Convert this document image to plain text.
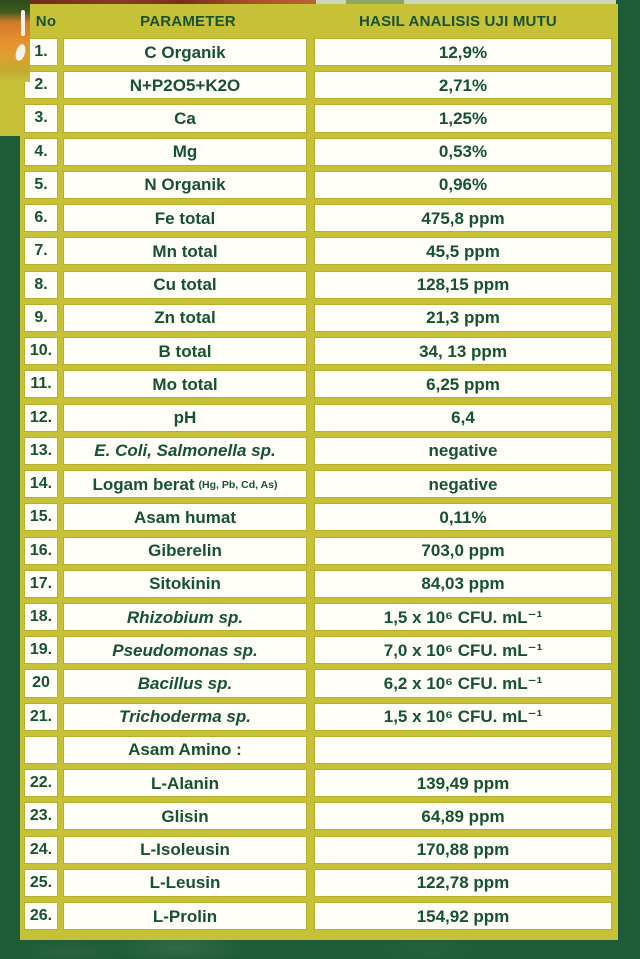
No	PARAMETER	HASIL ANALISIS UJI MUTU
1.	C Organik	12,9%
2.	N+P2O5+K2O	2,71%
3.	Ca	1,25%
4.	Mg	0,53%
5.	N Organik	0,96%
6.	Fe total	475,8 ppm
7.	Mn total	45,5 ppm
8.	Cu total	128,15 ppm
9.	Zn total	21,3 ppm
10.	B total	34, 13 ppm
11.	Mo total	6,25 ppm
12.	pH	6,4
13.	E. Coli, Salmonella sp.	negative
14.	Logam berat (Hg, Pb, Cd, As)	negative
15.	Asam humat	0,11%
16.	Giberelin	703,0 ppm
17.	Sitokinin	84,03 ppm
18.	Rhizobium sp.	1,5 x 10⁶ CFU. mL⁻¹
19.	Pseudomonas sp.	7,0 x 10⁶ CFU. mL⁻¹
20	Bacillus sp.	6,2 x 10⁶ CFU. mL⁻¹
21.	Trichoderma sp.	1,5 x 10⁶ CFU. mL⁻¹
Asam Amino :
22.	L-Alanin	139,49 ppm
23.	Glisin	64,89 ppm
24.	L-Isoleusin	170,88 ppm
25.	L-Leusin	122,78 ppm
26.	L-Prolin	154,92 ppm
